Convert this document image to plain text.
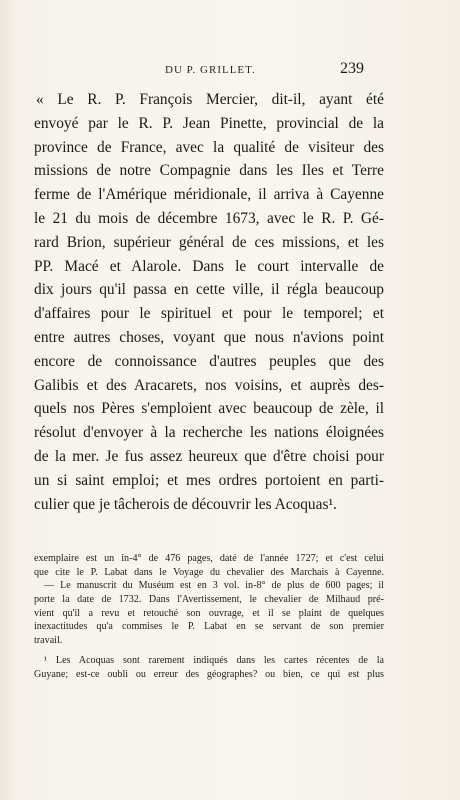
DU P. GRILLET.	239
« Le R. P. François Mercier, dit-il, ayant été
envoyé par le R. P. Jean Pinette, provincial de la
province de France, avec la qualité de visiteur des
missions de notre Compagnie dans les Iles et Terre
ferme de l'Amérique méridionale, il arriva à Cayenne
le 21 du mois de décembre 1673, avec le R. P. Gé-
rard Brion, supérieur général de ces missions, et les
PP. Macé et Alarole. Dans le court intervalle de
dix jours qu'il passa en cette ville, il régla beaucoup
d'affaires pour le spirituel et pour le temporel; et
entre autres choses, voyant que nous n'avions point
encore de connoissance d'autres peuples que des
Galibis et des Aracarets, nos voisins, et auprès des-
quels nos Pères s'emploient avec beaucoup de zèle, il
résolut d'envoyer à la recherche les nations éloignées
de la mer. Je fus assez heureux que d'être choisi pour
un si saint emploi; et mes ordres portoient en parti-
culier que je tâcherois de découvrir les Acoquas¹.
exemplaire est un in-4° de 476 pages, daté de l'année 1727; et c'est celui
que cite le P. Labat dans le Voyage du chevalier des Marchais à Cayenne.
— Le manuscrit du Muséum est en 3 vol. in-8° de plus de 600 pages; il
porte la date de 1732. Dans l'Avertissement, le chevalier de Milhaud pré-
vient qu'il a revu et retouché son ouvrage, et il se plaint de quelques
inexactitudes qu'a commises le P. Labat en se servant de son premier
travail.
¹ Les Acoquas sont rarement indiqués dans les cartes récentes de la
Guyane; est-ce oubli ou erreur des géographes? ou bien, ce qui est plus
